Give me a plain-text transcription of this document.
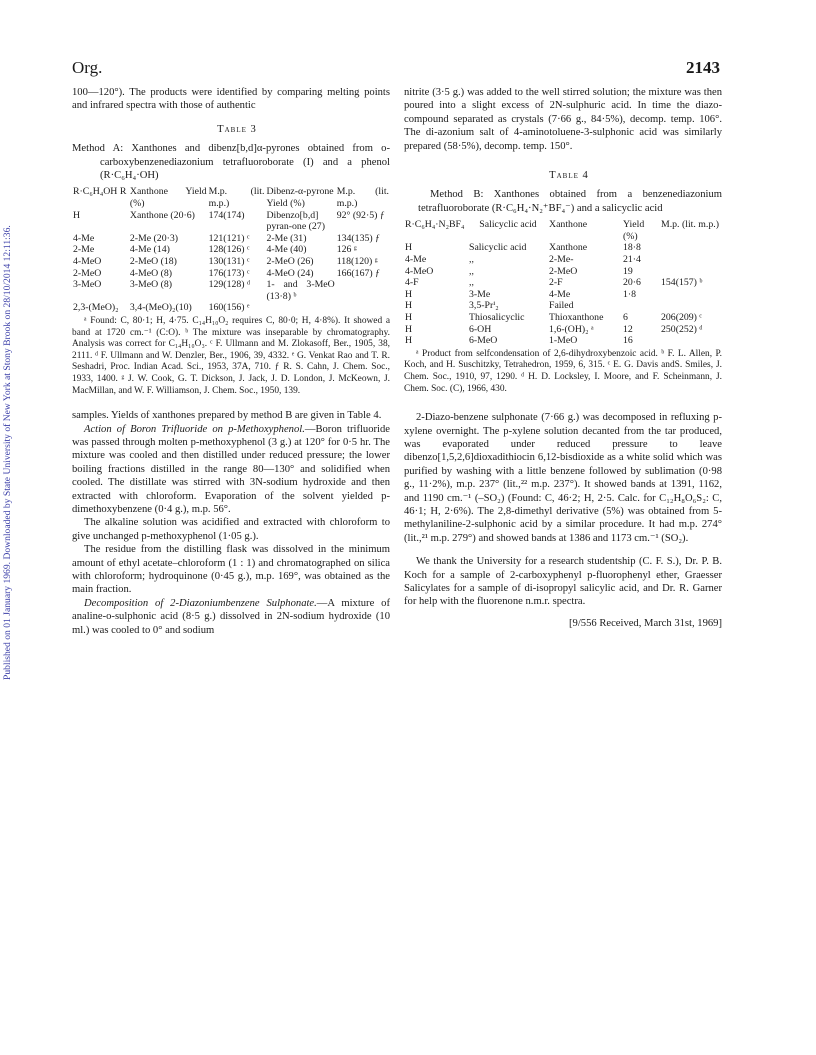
Published on 01 January 1969. Downloaded by State University of New York at Stony Brook on 28/10/2014 12:11:36.
Org.	2143

100—120°). The products were identified by comparing melting points and infrared spectra with those of authentic

Table 3

Method A: Xanthones and dibenz[b,d]α-pyrones obtained from o-carboxybenzenediazonium tetrafluoroborate (I) and a phenol (R·C₆H₄·OH)

R·C₆H₄OH R	Xanthone Yield (%)	M.p. (lit. m.p.)	Dibenz-α-pyrone Yield (%)	M.p. (lit. m.p.)
H	Xanthone (20·6)	174(174)	Dibenzo[b,d] pyran-one (27)	92° (92·5) ƒ
4-Me	2-Me (20·3)	121(121) ᶜ	2-Me (31)	134(135) ƒ
2-Me	4-Me (14)	128(126) ᶜ	4-Me (40)	126 ᵍ
4-MeO	2-MeO (18)	130(131) ᶜ	2-MeO (26)	118(120) ᵍ
2-MeO	4-MeO (8)	176(173) ᶜ	4-MeO (24)	166(167) ƒ
3-MeO	3-MeO (8)	129(128) ᵈ	1- and 3-MeO (13·8) ᵇ	
2,3-(MeO)₂	3,4-(MeO)₂(10)	160(156) ᵉ		

ᵃ Found: C, 80·1; H, 4·75. C₁₄H₁₀O₂ requires C, 80·0; H, 4·8%). It showed a band at 1720 cm.⁻¹ (C:O). ᵇ The mixture was inseparable by chromatography. Analysis was correct for C₁₄H₁₀O₃. ᶜ F. Ullmann and M. Zlokasoff, Ber., 1905, 38, 2111. ᵈ F. Ullmann and W. Denzler, Ber., 1906, 39, 4332. ᵉ G. Venkat Rao and T. R. Seshadri, Proc. Indian Acad. Sci., 1953, 37A, 710. ƒ R. S. Cahn, J. Chem. Soc., 1933, 1400. ᵍ J. W. Cook, G. T. Dickson, J. Jack, J. D. London, J. McKeown, J. MacMillan, and W. F. Williamson, J. Chem. Soc., 1950, 139.

samples. Yields of xanthones prepared by method B are given in Table 4.

Action of Boron Trifluoride on p-Methoxyphenol.—Boron trifluoride was passed through molten p-methoxyphenol (3 g.) at 120° for 0·5 hr. The mixture was cooled and then distilled under reduced pressure; the lower boiling fractions distilled in the range 80—130° and solidified when cooled. The distillate was stirred with 3N-sodium hydroxide and then extracted with chloroform. Evaporation of the solvent yielded p-dimethoxybenzene (0·4 g.), m.p. 56°.

The alkaline solution was acidified and extracted with chloroform to give unchanged p-methoxyphenol (1·05 g.).

The residue from the distilling flask was dissolved in the minimum amount of ethyl acetate–chloroform (1 : 1) and chromatographed on silica with chloroform; hydroquinone (0·45 g.), m.p. 169°, was obtained as the main fraction.

Decomposition of 2-Diazoniumbenzene Sulphonate.—A mixture of analine-o-sulphonic acid (8·5 g.) dissolved in 2N-sodium hydroxide (10 ml.) was cooled to 0° and sodium

nitrite (3·5 g.) was added to the well stirred solution; the mixture was then poured into a slight excess of 2N-sulphuric acid. In time the diazo-compound separated as crystals (7·66 g., 84·5%), decomp. temp. 106°. The di-azonium salt of 4-aminotoluene-3-sulphonic acid was similarly prepared (58·5%), decomp. temp. 150°.

Table 4

Method B: Xanthones obtained from a benzenediazonium tetrafluoroborate (R·C₆H₄·N₂⁺BF₄⁻) and a salicyclic acid

R·C₆H₄·N₂BF₄	Salicyclic acid	Xanthone	Yield (%)	M.p. (lit. m.p.)
H	Salicyclic acid	Xanthone	18·8	
4-Me	,,	2-Me-	21·4	
4-MeO	,,	2-MeO	19	
4-F	,,	2-F	20·6	154(157) ᵇ
H	3-Me	4-Me	1·8	
H	3,5-Prⁱ₂	Failed		
H	Thiosalicyclic	Thioxanthone	6	206(209) ᶜ
H	6-OH	1,6-(OH)₂ ᵃ	12	250(252) ᵈ
H	6-MeO	1-MeO	16	

ᵃ Product from selfcondensation of 2,6-dihydroxybenzoic acid. ᵇ F. L. Allen, P. Koch, and H. Suschitzky, Tetrahedron, 1959, 6, 315. ᶜ E. G. Davis andS. Smiles, J. Chem. Soc., 1910, 97, 1290. ᵈ H. D. Locksley, I. Moore, and F. Scheinmann, J. Chem. Soc. (C), 1966, 430.

2-Diazo-benzene sulphonate (7·66 g.) was decomposed in refluxing p-xylene overnight. The p-xylene solution decanted from the tar produced, was evaporated under reduced pressure to leave dibenzo[1,5,2,6]dioxadithiocin 6,12-bisdioxide as a white solid which was purified by washing with a little benzene followed by sublimation (0·98 g., 11·2%), m.p. 237° (lit.,²² m.p. 237°). It showed bands at 1391, 1162, and 1190 cm.⁻¹ (–SO₂) (Found: C, 46·2; H, 2·5. Calc. for C₁₂H₈O₆S₂: C, 46·1; H, 2·6%). The 2,8-dimethyl derivative (5%) was obtained from 5-methylaniline-2-sulphonic acid by a similar procedure. It had m.p. 274° (lit.,²¹ m.p. 279°) and showed bands at 1386 and 1173 cm.⁻¹ (SO₂).

We thank the University for a research studentship (C. F. S.), Dr. P. B. Koch for a sample of 2-carboxyphenyl p-fluorophenyl ether, Graesser Salicylates for a sample of di-isopropyl salicylic acid, and Dr. R. Garner for help with the fluorenone n.m.r. spectra.

[9/556 Received, March 31st, 1969]
